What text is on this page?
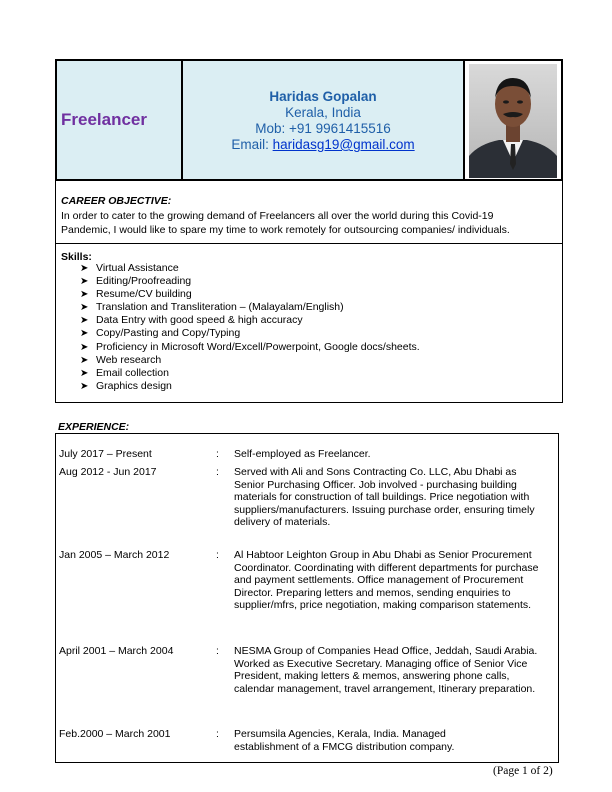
Freelancer
Haridas Gopalan
Kerala, India
Mob: +91 9961415516
Email: haridasg19@gmail.com
CAREER OBJECTIVE:
In order to cater to the growing demand of Freelancers all over the world during this Covid-19
Pandemic, I would like to spare my time to work remotely for outsourcing companies/ individuals.
Skills:
➤ Virtual Assistance
➤ Editing/Proofreading
➤ Resume/CV building
➤ Translation and Transliteration – (Malayalam/English)
➤ Data Entry with good speed & high accuracy
➤ Copy/Pasting and Copy/Typing
➤ Proficiency in Microsoft Word/Excell/Powerpoint, Google docs/sheets.
➤ Web research
➤ Email collection
➤ Graphics design
EXPERIENCE:
July 2017 – Present	: Self-employed as Freelancer.
Aug 2012 - Jun 2017	: Served with Ali and Sons Contracting Co. LLC, Abu Dhabi as
Senior Purchasing Officer. Job involved - purchasing building
materials for construction of tall buildings. Price negotiation with
suppliers/manufacturers. Issuing purchase order, ensuring timely
delivery of materials.
Jan 2005 – March 2012	: Al Habtoor Leighton Group in Abu Dhabi as Senior Procurement
Coordinator. Coordinating with different departments for purchase
and payment settlements. Office management of Procurement
Director. Preparing letters and memos, sending enquiries to
supplier/mfrs, price negotiation, making comparison statements.
April 2001 – March 2004	: NESMA Group of Companies Head Office, Jeddah, Saudi Arabia.
Worked as Executive Secretary. Managing office of Senior Vice
President, making letters & memos, answering phone calls,
calendar management, travel arrangement, Itinerary preparation.
Feb.2000 – March 2001	: Persumsila Agencies, Kerala, India. Managed
establishment of a FMCG distribution company.
(Page 1 of 2)
